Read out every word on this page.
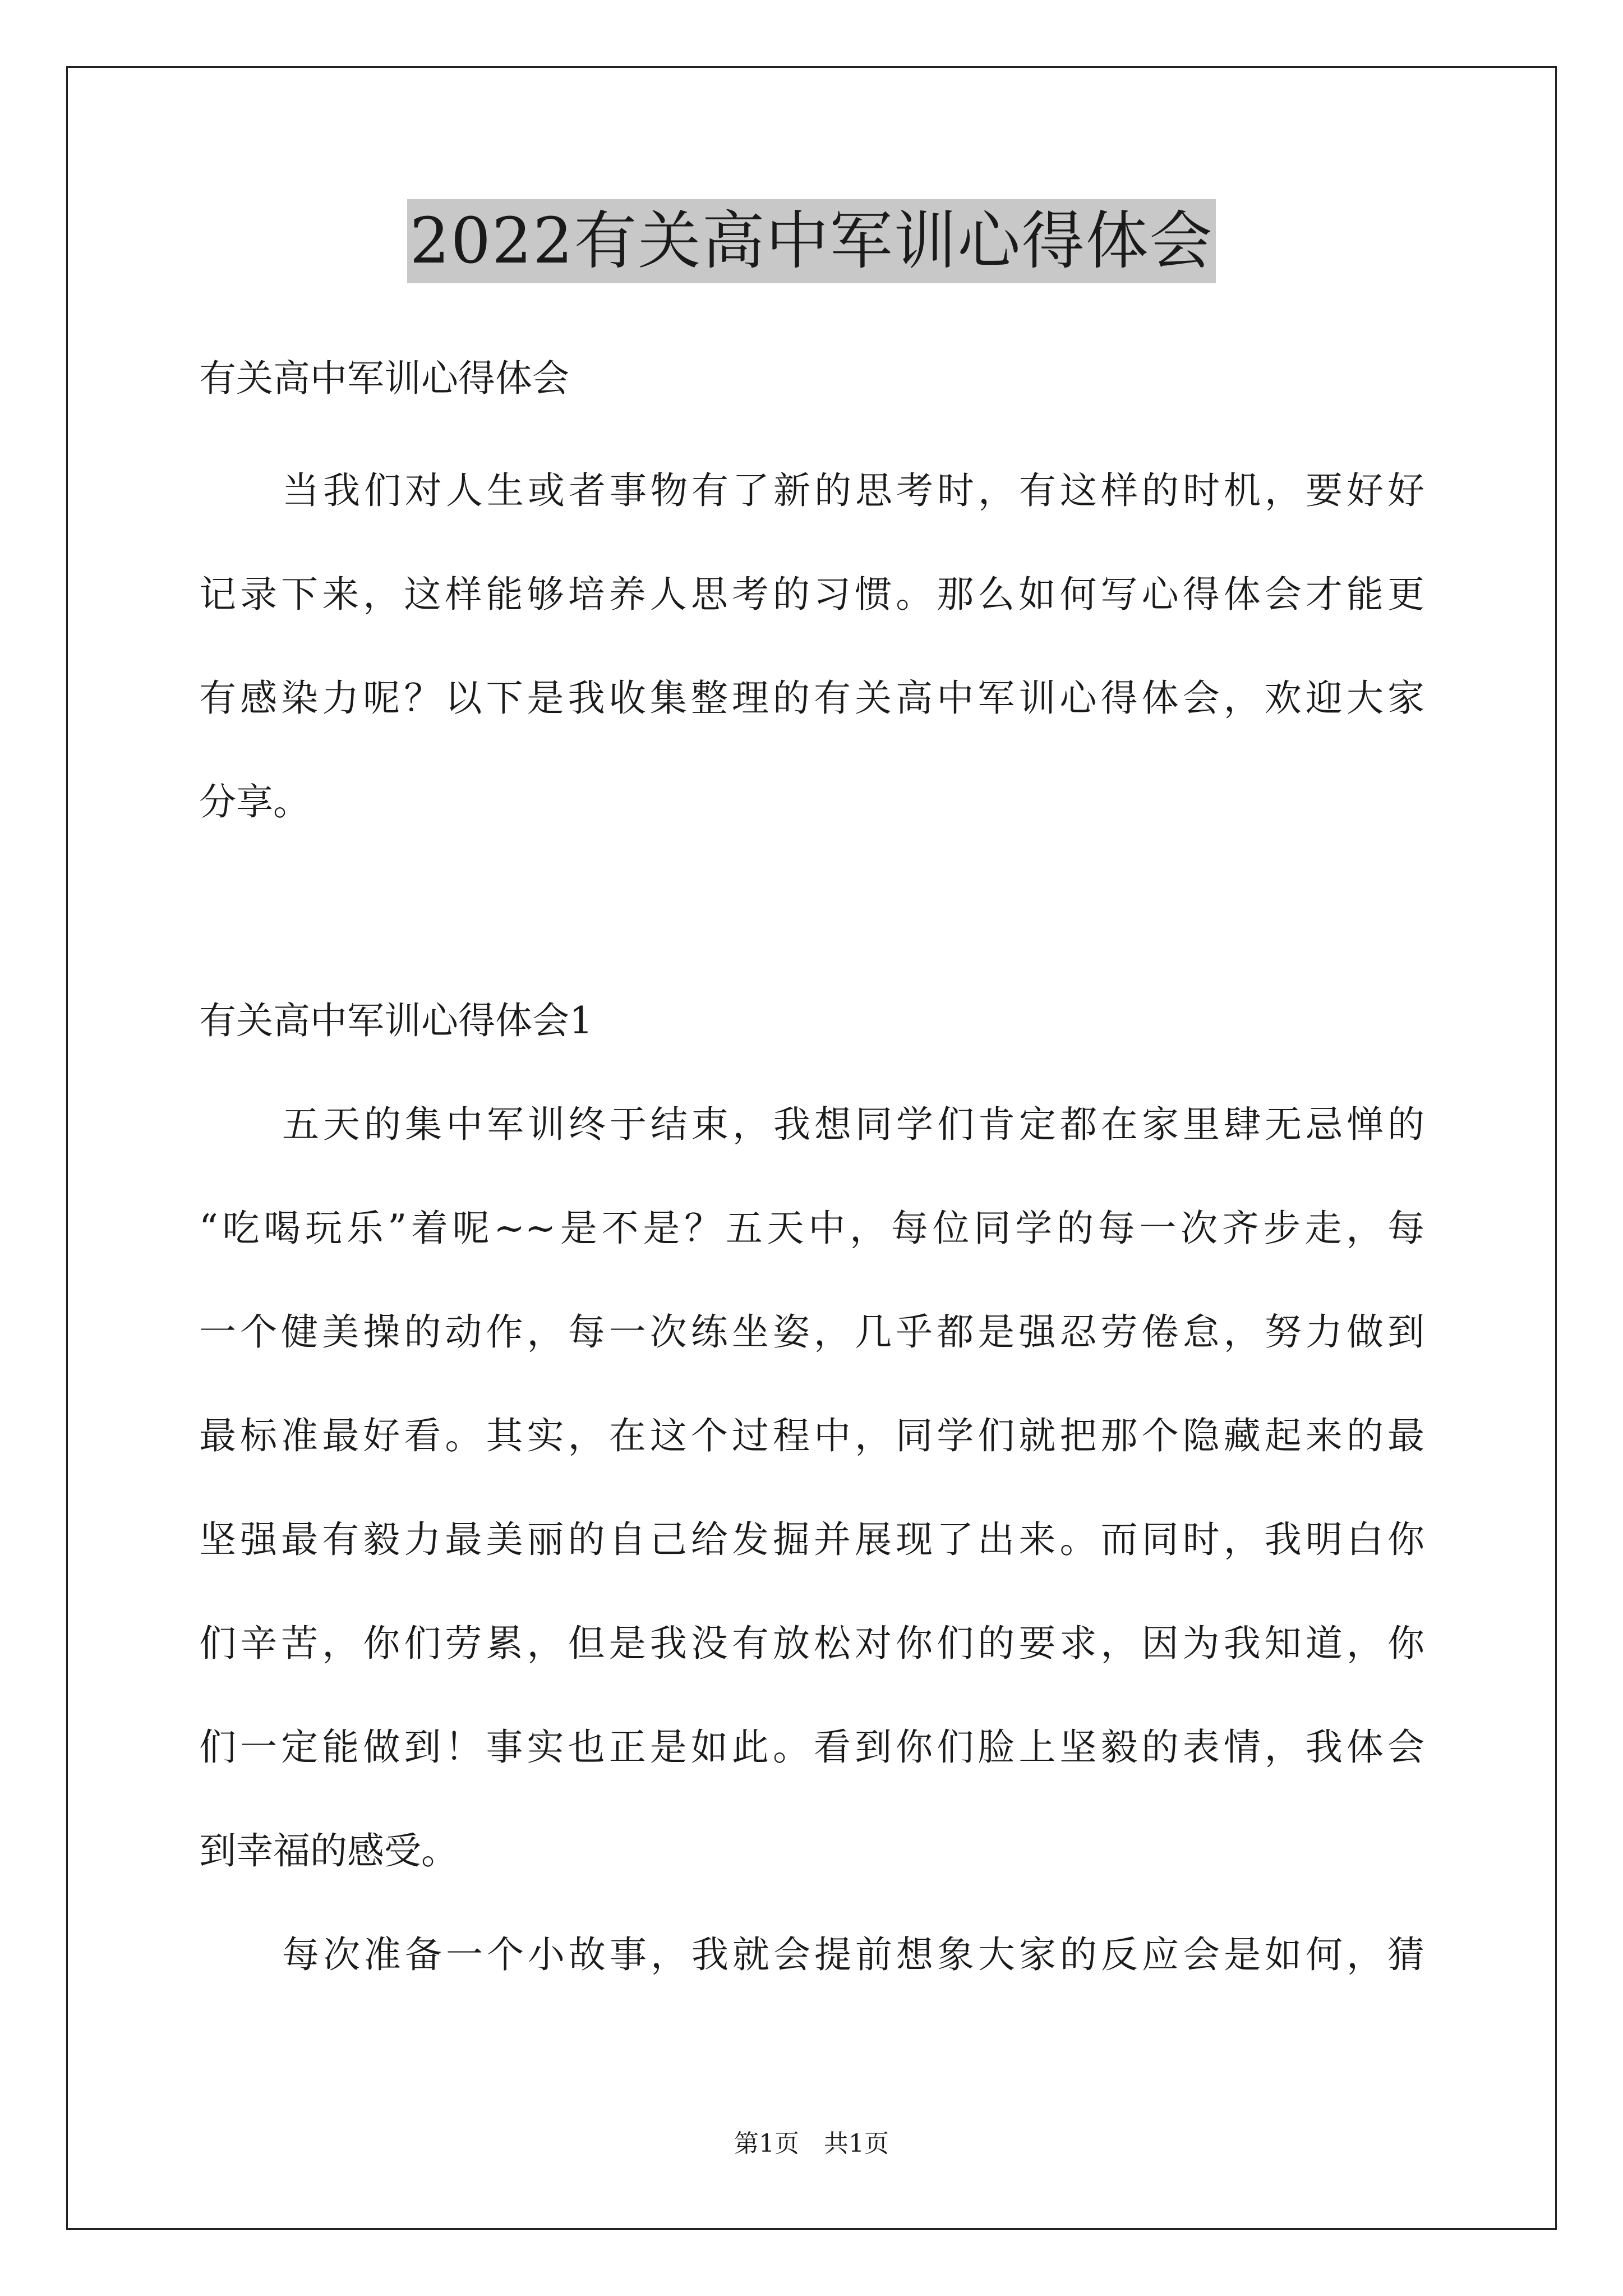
2022有关高中军训心得体会
有关高中军训心得体会
当我们对人生或者事物有了新的思考时，有这样的时机，要好好
记录下来，这样能够培养人思考的习惯。那么如何写心得体会才能更
有感染力呢？以下是我收集整理的有关高中军训心得体会，欢迎大家
分享。
有关高中军训心得体会1
五天的集中军训终于结束，我想同学们肯定都在家里肆无忌惮的
“吃喝玩乐”着呢~~是不是？五天中，每位同学的每一次齐步走，每
一个健美操的动作，每一次练坐姿，几乎都是强忍劳倦怠，努力做到
最标准最好看。其实，在这个过程中，同学们就把那个隐藏起来的最
坚强最有毅力最美丽的自己给发掘并展现了出来。而同时，我明白你
们辛苦，你们劳累，但是我没有放松对你们的要求，因为我知道，你
们一定能做到！事实也正是如此。看到你们脸上坚毅的表情，我体会
到幸福的感受。
每次准备一个小故事，我就会提前想象大家的反应会是如何，猜
第1页　共1页
